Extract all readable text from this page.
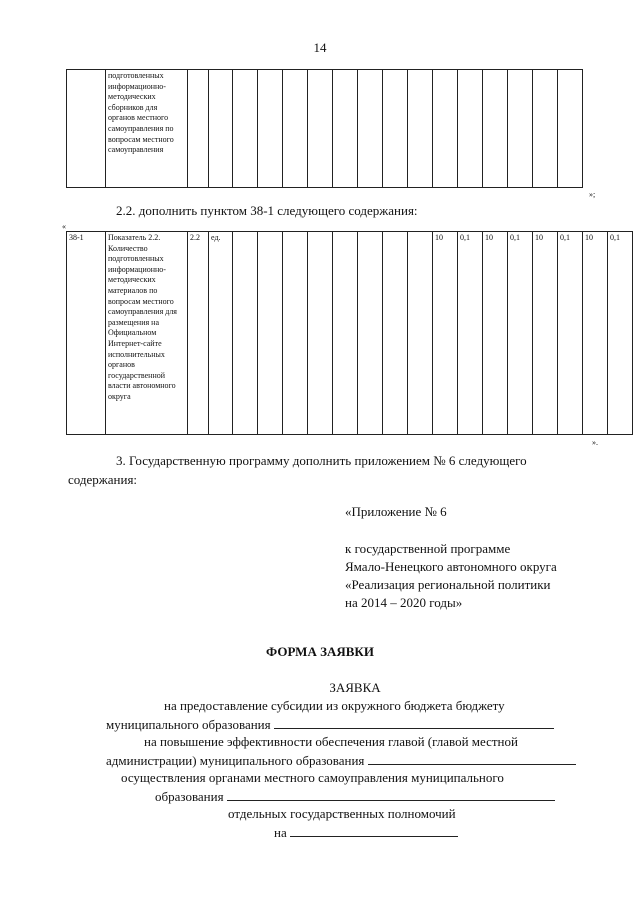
14
	подготовленных информационно-методических сборников для органов местного самоуправления по вопросам местного самоуправления																
»;
2.2. дополнить пунктом 38-1 следующего содержания:
«
38-1	Показатель 2.2. Количество подготовленных информационно-методических материалов по вопросам местного самоуправления для размещения на Официальном Интернет-сайте исполнительных органов государственной власти автономного округа	2.2	ед.									10	0,1	10	0,1	10	0,1	10	0,1
».
3. Государственную программу дополнить приложением № 6 следующего
содержания:
«Приложение № 6
к государственной программе
Ямало-Ненецкого автономного округа
«Реализация региональной политики
на 2014 – 2020 годы»
ФОРМА ЗАЯВКИ
ЗАЯВКА
на предоставление субсидии из окружного бюджета бюджету
муниципального образования
на повышение эффективности обеспечения главой (главой местной
администрации) муниципального образования
осуществления органами местного самоуправления муниципального
образования
отдельных государственных полномочий
на
